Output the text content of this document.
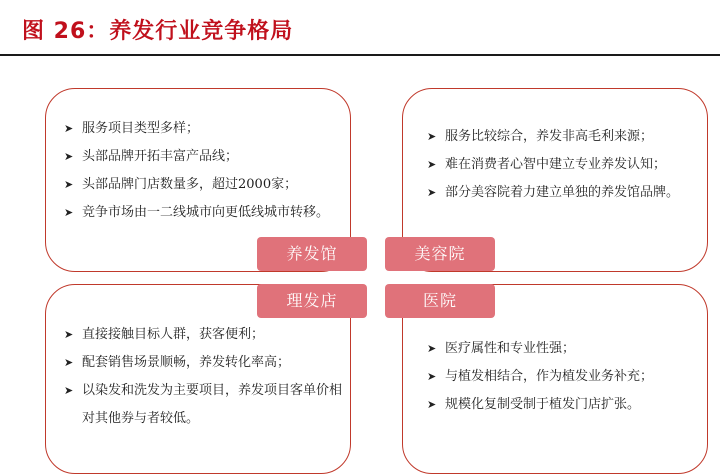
图 26：养发行业竞争格局
➤ 服务项目类型多样；
➤ 头部品牌开拓丰富产品线；
➤ 头部品牌门店数量多，超过2000家；
➤ 竞争市场由一二线城市向更低线城市转移。
➤ 服务比较综合，养发非高毛利来源；
➤ 难在消费者心智中建立专业养发认知；
➤ 部分美容院着力建立单独的养发馆品牌。
➤ 直接接触目标人群，获客便利；
➤ 配套销售场景顺畅，养发转化率高；
➤ 以染发和洗发为主要项目，养发项目客单价相对其他券与者较低。
➤ 医疗属性和专业性强；
➤ 与植发相结合，作为植发业务补充；
➤ 规模化复制受制于植发门店扩张。
养发馆	美容院
理发店	医院
